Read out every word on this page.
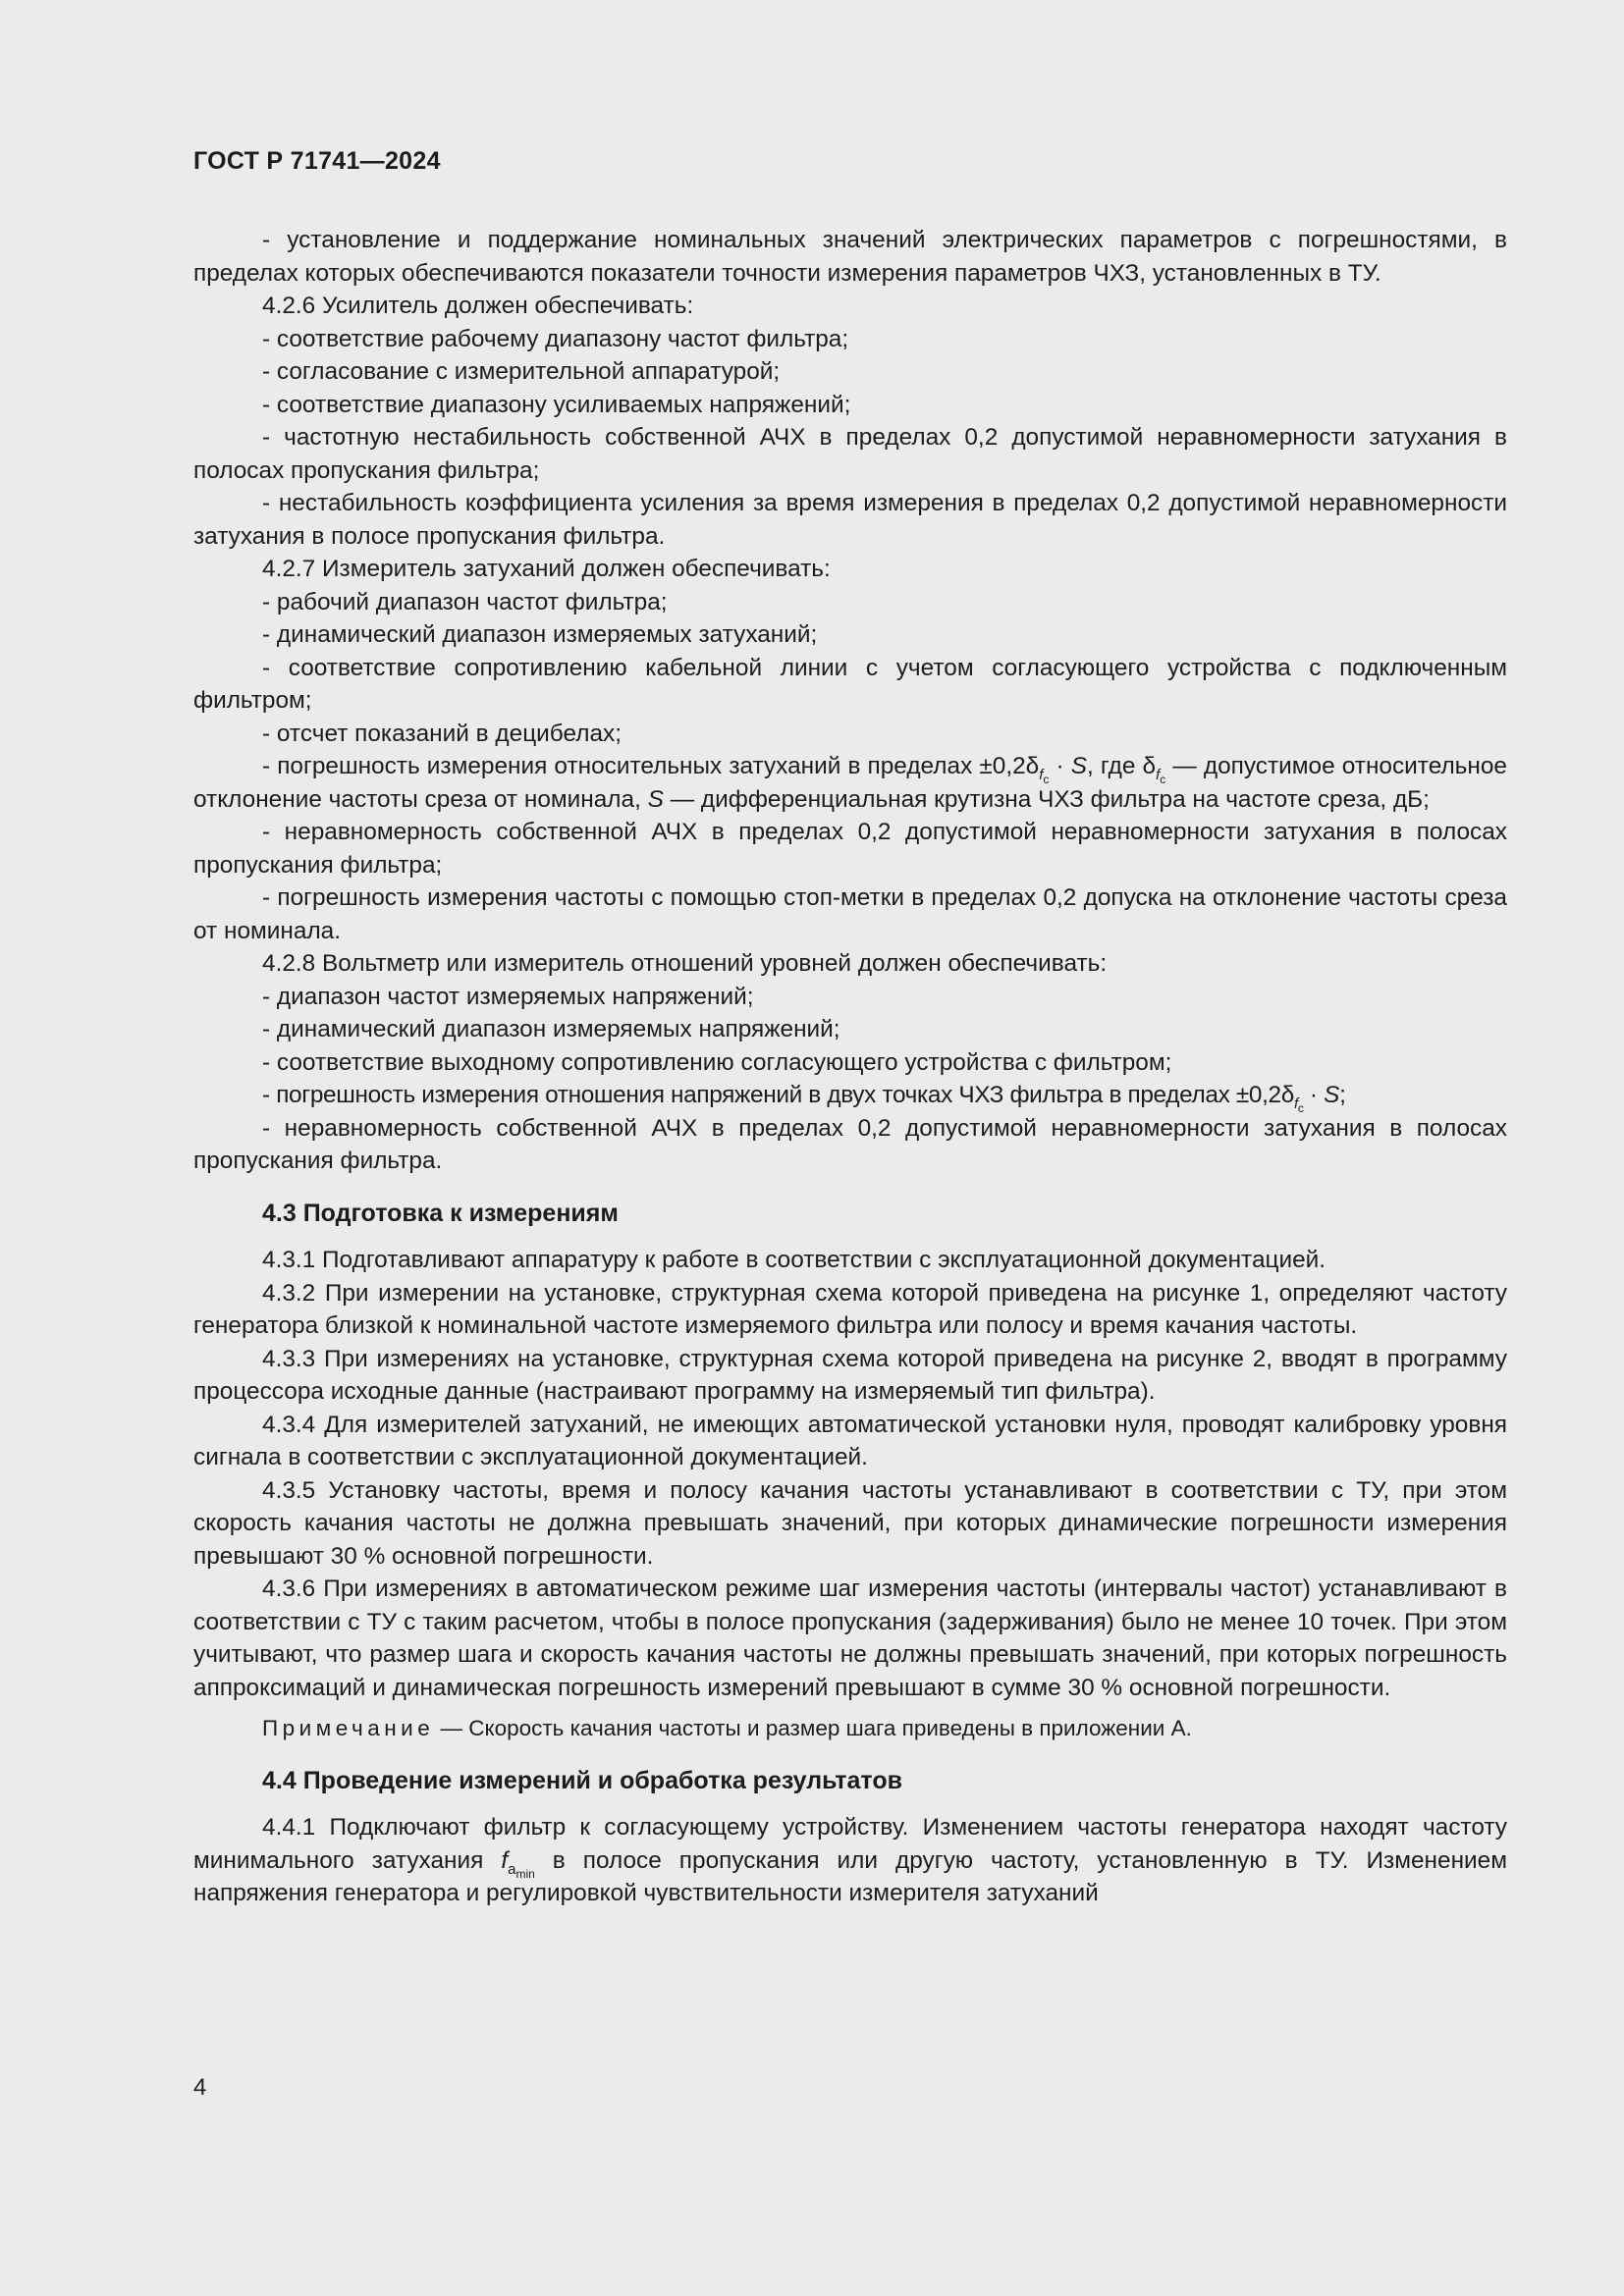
ГОСТ Р 71741—2024

- установление и поддержание номинальных значений электрических параметров с погрешностями, в пределах которых обеспечиваются показатели точности измерения параметров ЧХЗ, установленных в ТУ.

4.2.6 Усилитель должен обеспечивать:

- соответствие рабочему диапазону частот фильтра;

- согласование с измерительной аппаратурой;

- соответствие диапазону усиливаемых напряжений;

- частотную нестабильность собственной АЧХ в пределах 0,2 допустимой неравномерности затухания в полосах пропускания фильтра;

- нестабильность коэффициента усиления за время измерения в пределах 0,2 допустимой неравномерности затухания в полосе пропускания фильтра.

4.2.7 Измеритель затуханий должен обеспечивать:

- рабочий диапазон частот фильтра;

- динамический диапазон измеряемых затуханий;

- соответствие сопротивлению кабельной линии с учетом согласующего устройства с подключенным фильтром;

- отсчет показаний в децибелах;

- погрешность измерения относительных затуханий в пределах $\pm 0,2\delta_{f_c} \cdot S$, где $\delta_{f_c}$ — допустимое относительное отклонение частоты среза от номинала, S — дифференциальная крутизна ЧХЗ фильтра на частоте среза, дБ;

- неравномерность собственной АЧХ в пределах 0,2 допустимой неравномерности затухания в полосах пропускания фильтра;

- погрешность измерения частоты с помощью стоп-метки в пределах 0,2 допуска на отклонение частоты среза от номинала.

4.2.8 Вольтметр или измеритель отношений уровней должен обеспечивать:

- диапазон частот измеряемых напряжений;

- динамический диапазон измеряемых напряжений;

- соответствие выходному сопротивлению согласующего устройства с фильтром;

- погрешность измерения отношения напряжений в двух точках ЧХЗ фильтра в пределах $\pm 0,2\delta_{f_c} \cdot S$;

- неравномерность собственной АЧХ в пределах 0,2 допустимой неравномерности затухания в полосах пропускания фильтра.

4.3 Подготовка к измерениям

4.3.1 Подготавливают аппаратуру к работе в соответствии с эксплуатационной документацией.

4.3.2 При измерении на установке, структурная схема которой приведена на рисунке 1, определяют частоту генератора близкой к номинальной частоте измеряемого фильтра или полосу и время качания частоты.

4.3.3 При измерениях на установке, структурная схема которой приведена на рисунке 2, вводят в программу процессора исходные данные (настраивают программу на измеряемый тип фильтра).

4.3.4 Для измерителей затуханий, не имеющих автоматической установки нуля, проводят калибровку уровня сигнала в соответствии с эксплуатационной документацией.

4.3.5 Установку частоты, время и полосу качания частоты устанавливают в соответствии с ТУ, при этом скорость качания частоты не должна превышать значений, при которых динамические погрешности измерения превышают 30 % основной погрешности.

4.3.6 При измерениях в автоматическом режиме шаг измерения частоты (интервалы частот) устанавливают в соответствии с ТУ с таким расчетом, чтобы в полосе пропускания (задерживания) было не менее 10 точек. При этом учитывают, что размер шага и скорость качания частоты не должны превышать значений, при которых погрешность аппроксимаций и динамическая погрешность измерений превышают в сумме 30 % основной погрешности.

Примечание — Скорость качания частоты и размер шага приведены в приложении А.
4.4 Проведение измерений и обработка результатов

4.4.1 Подключают фильтр к согласующему устройству. Изменением частоты генератора находят частоту минимального затухания $f_{a_{min}}$ в полосе пропускания или другую частоту, установленную в ТУ. Изменением напряжения генератора и регулировкой чувствительности измерителя затуханий

4
